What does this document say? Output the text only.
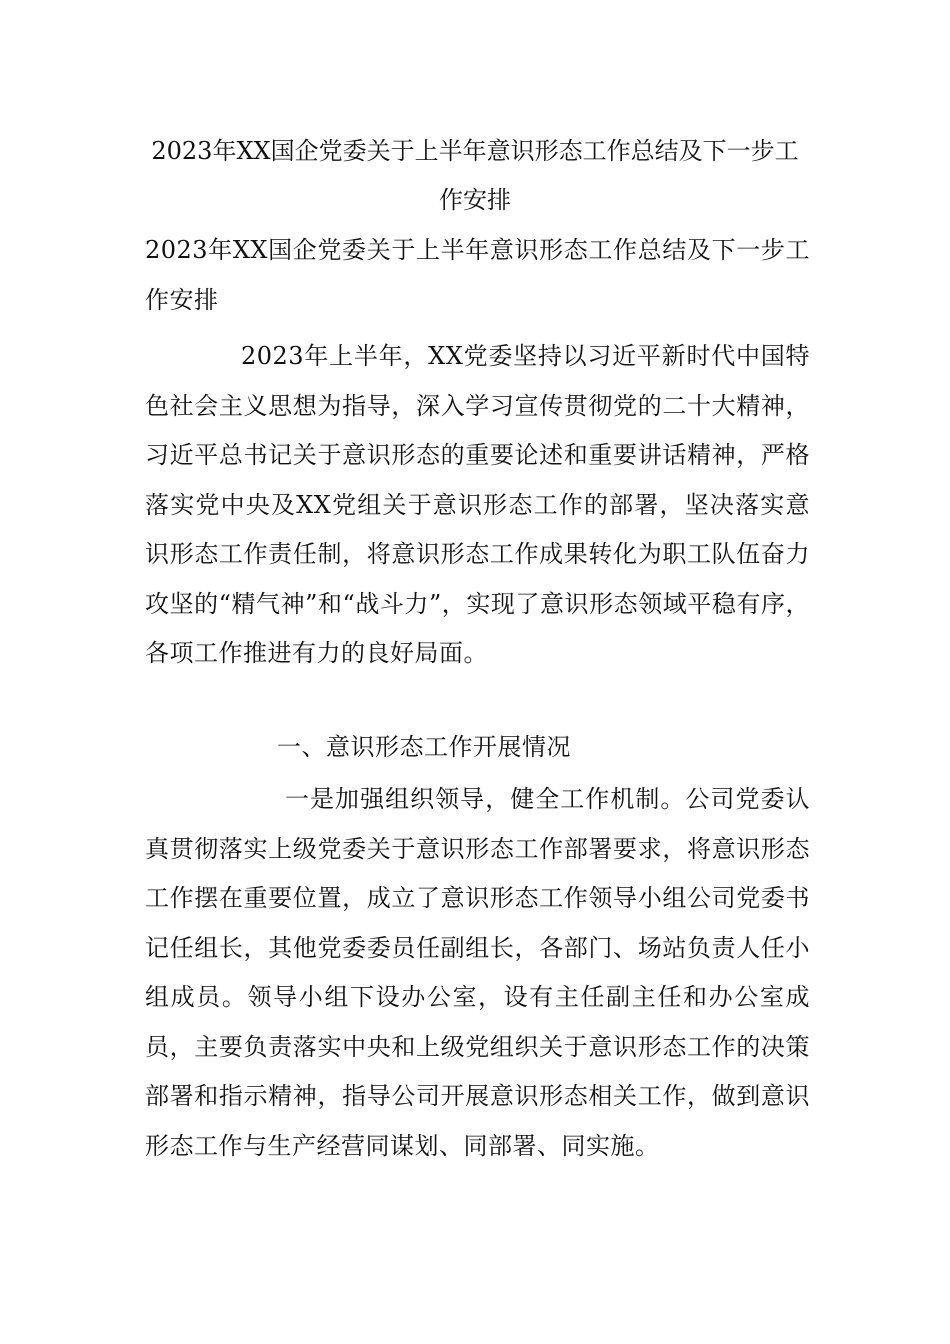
2023年XX国企党委关于上半年意识形态工作总结及下一步工作安排

2023年XX国企党委关于上半年意识形态工作总结及下一步工作安排

2023年上半年，XX党委坚持以习近平新时代中国特色社会主义思想为指导，深入学习宣传贯彻党的二十大精神，习近平总书记关于意识形态的重要论述和重要讲话精神，严格落实党中央及XX党组关于意识形态工作的部署，坚决落实意识形态工作责任制，将意识形态工作成果转化为职工队伍奋力攻坚的“精气神”和“战斗力”，实现了意识形态领域平稳有序，各项工作推进有力的良好局面。

一、意识形态工作开展情况

一是加强组织领导，健全工作机制。公司党委认真贯彻落实上级党委关于意识形态工作部署要求，将意识形态工作摆在重要位置，成立了意识形态工作领导小组公司党委书记任组长，其他党委委员任副组长，各部门、场站负责人任小组成员。领导小组下设办公室，设有主任副主任和办公室成员，主要负责落实中央和上级党组织关于意识形态工作的决策部署和指示精神，指导公司开展意识形态相关工作，做到意识形态工作与生产经营同谋划、同部署、同实施。
